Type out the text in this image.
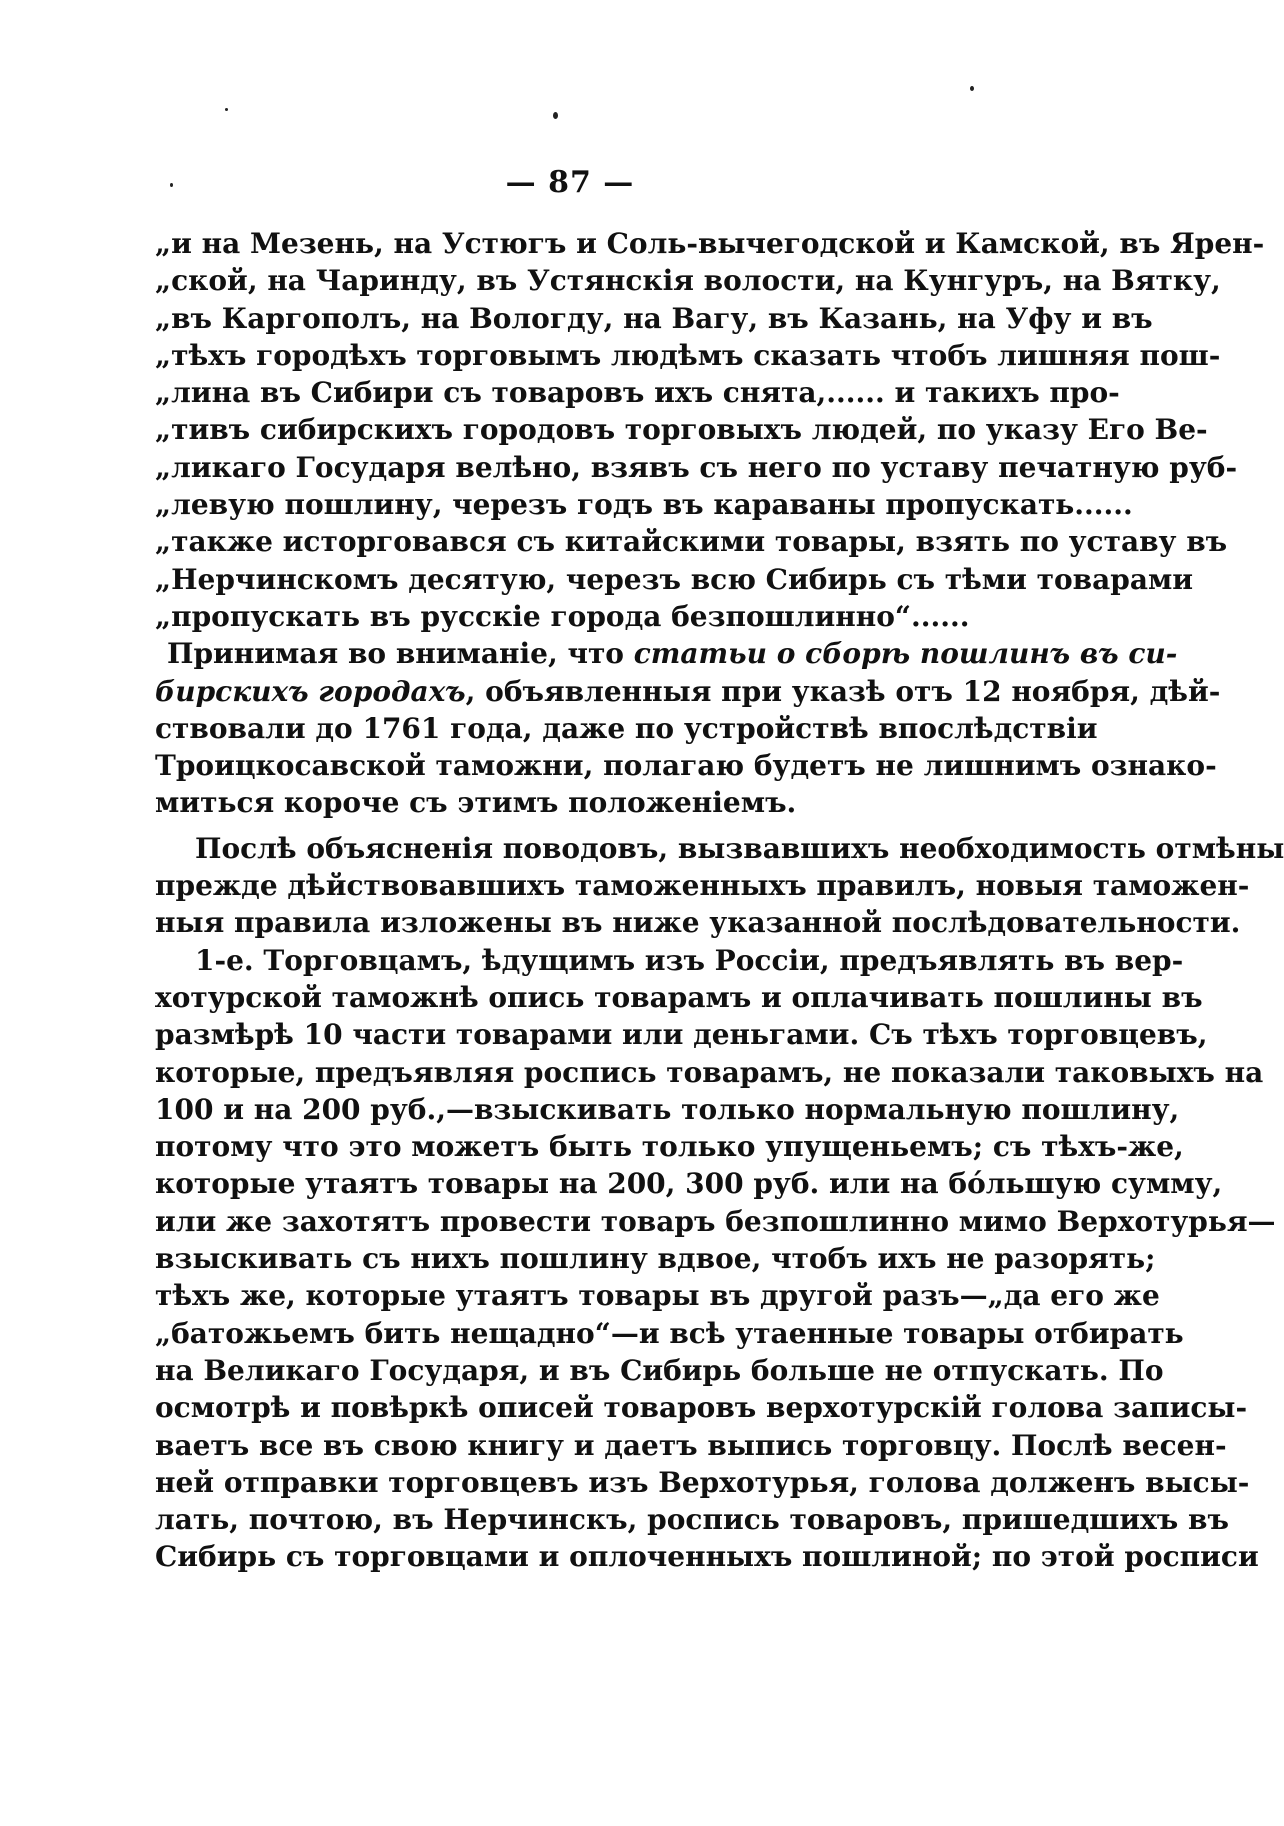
— 87 —
„и на Мезень, на Устюгъ и Соль-вычегодской и Камской, въ Ярен-
„ской, на Чаринду, въ Устянскія волости, на Кунгуръ, на Вятку,
„въ Каргополъ, на Вологду, на Вагу, въ Казань, на Уфу и въ
„тѣхъ городѣхъ торговымъ людѣмъ сказать чтобъ лишняя пош-
„лина въ Сибири съ товаровъ ихъ снята,...... и такихъ про-
„тивъ сибирскихъ городовъ торговыхъ людей, по указу Его Ве-
„ликаго Государя велѣно, взявъ съ него по уставу печатную руб-
„левую пошлину, черезъ годъ въ караваны пропускать......
„также исторговався съ китайскими товары, взять по уставу въ
„Нерчинскомъ десятую, черезъ всю Сибирь съ тѣми товарами
„пропускать въ русскіе города безпошлинно“......
Принимая во вниманіе, что статьи о сборѣ пошлинъ въ си-
бирскихъ городахъ, объявленныя при указѣ отъ 12 ноября, дѣй-
ствовали до 1761 года, даже по устройствѣ впослѣдствіи
Троицкосавской таможни, полагаю будетъ не лишнимъ ознако-
миться короче съ этимъ положеніемъ.
Послѣ объясненія поводовъ, вызвавшихъ необходимость отмѣны
прежде дѣйствовавшихъ таможенныхъ правилъ, новыя таможен-
ныя правила изложены въ ниже указанной послѣдовательности.
1-е. Торговцамъ, ѣдущимъ изъ Россіи, предъявлять въ вер-
хотурской таможнѣ опись товарамъ и оплачивать пошлины въ
размѣрѣ 10 части товарами или деньгами. Съ тѣхъ торговцевъ,
которые, предъявляя роспись товарамъ, не показали таковыхъ на
100 и на 200 руб.,—взыскивать только нормальную пошлину,
потому что это можетъ быть только упущеньемъ; съ тѣхъ-же,
которые утаятъ товары на 200, 300 руб. или на бо́льшую сумму,
или же захотятъ провести товаръ безпошлинно мимо Верхотурья—
взыскивать съ нихъ пошлину вдвое, чтобъ ихъ не разорять;
тѣхъ же, которые утаятъ товары въ другой разъ—„да его же
„батожьемъ бить нещадно“—и всѣ утаенные товары отбирать
на Великаго Государя, и въ Сибирь больше не отпускать. По
осмотрѣ и повѣркѣ описей товаровъ верхотурскій голова записы-
ваетъ все въ свою книгу и даетъ выпись торговцу. Послѣ весен-
ней отправки торговцевъ изъ Верхотурья, голова долженъ высы-
лать, почтою, въ Нерчинскъ, роспись товаровъ, пришедшихъ въ
Сибирь съ торговцами и оплоченныхъ пошлиной; по этой росписи
